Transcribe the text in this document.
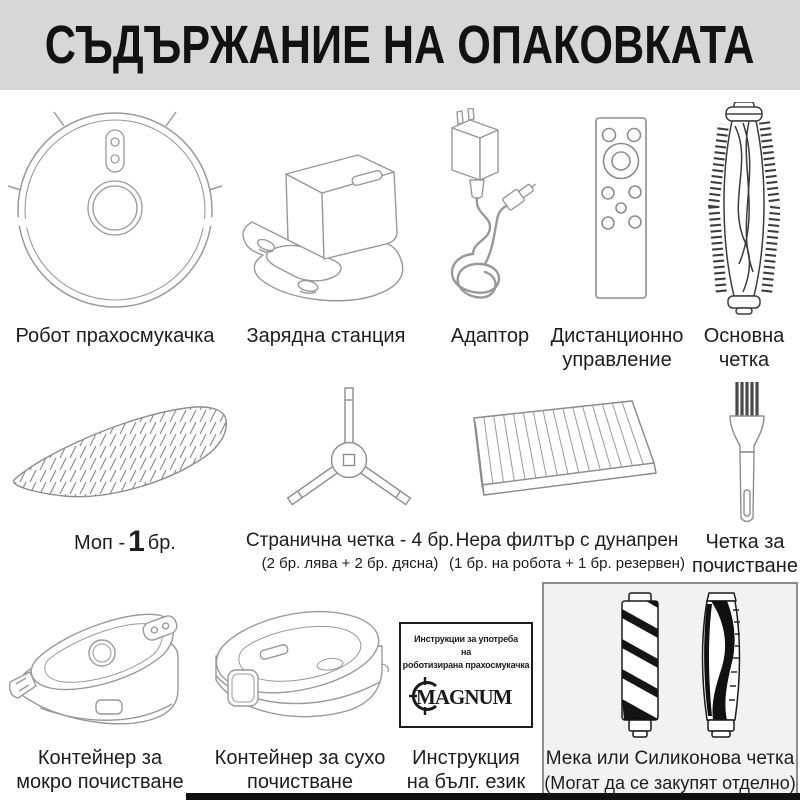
СЪДЪРЖАНИЕ НА ОПАКОВКАТА
Робот прахосмукачка	Зарядна станция	Адаптор	Дистанционно управление
Основна четка
Моп - 1 бр.	Странична четка - 4 бр.
(2 бр. лява + 2 бр. дясна)
Нера филтър с дунапрен
(1 бр. на робота + 1 бр. резервен)
Четка за почистване
Контейнер за мокро почистване
Контейнер за сухо почистване
Инструкции за употреба
на
роботизирана прахосмукачка
MAGNUM
Инструкция на бълг. език
Мека или Силиконова четка
(Могат да се закупят отделно)
